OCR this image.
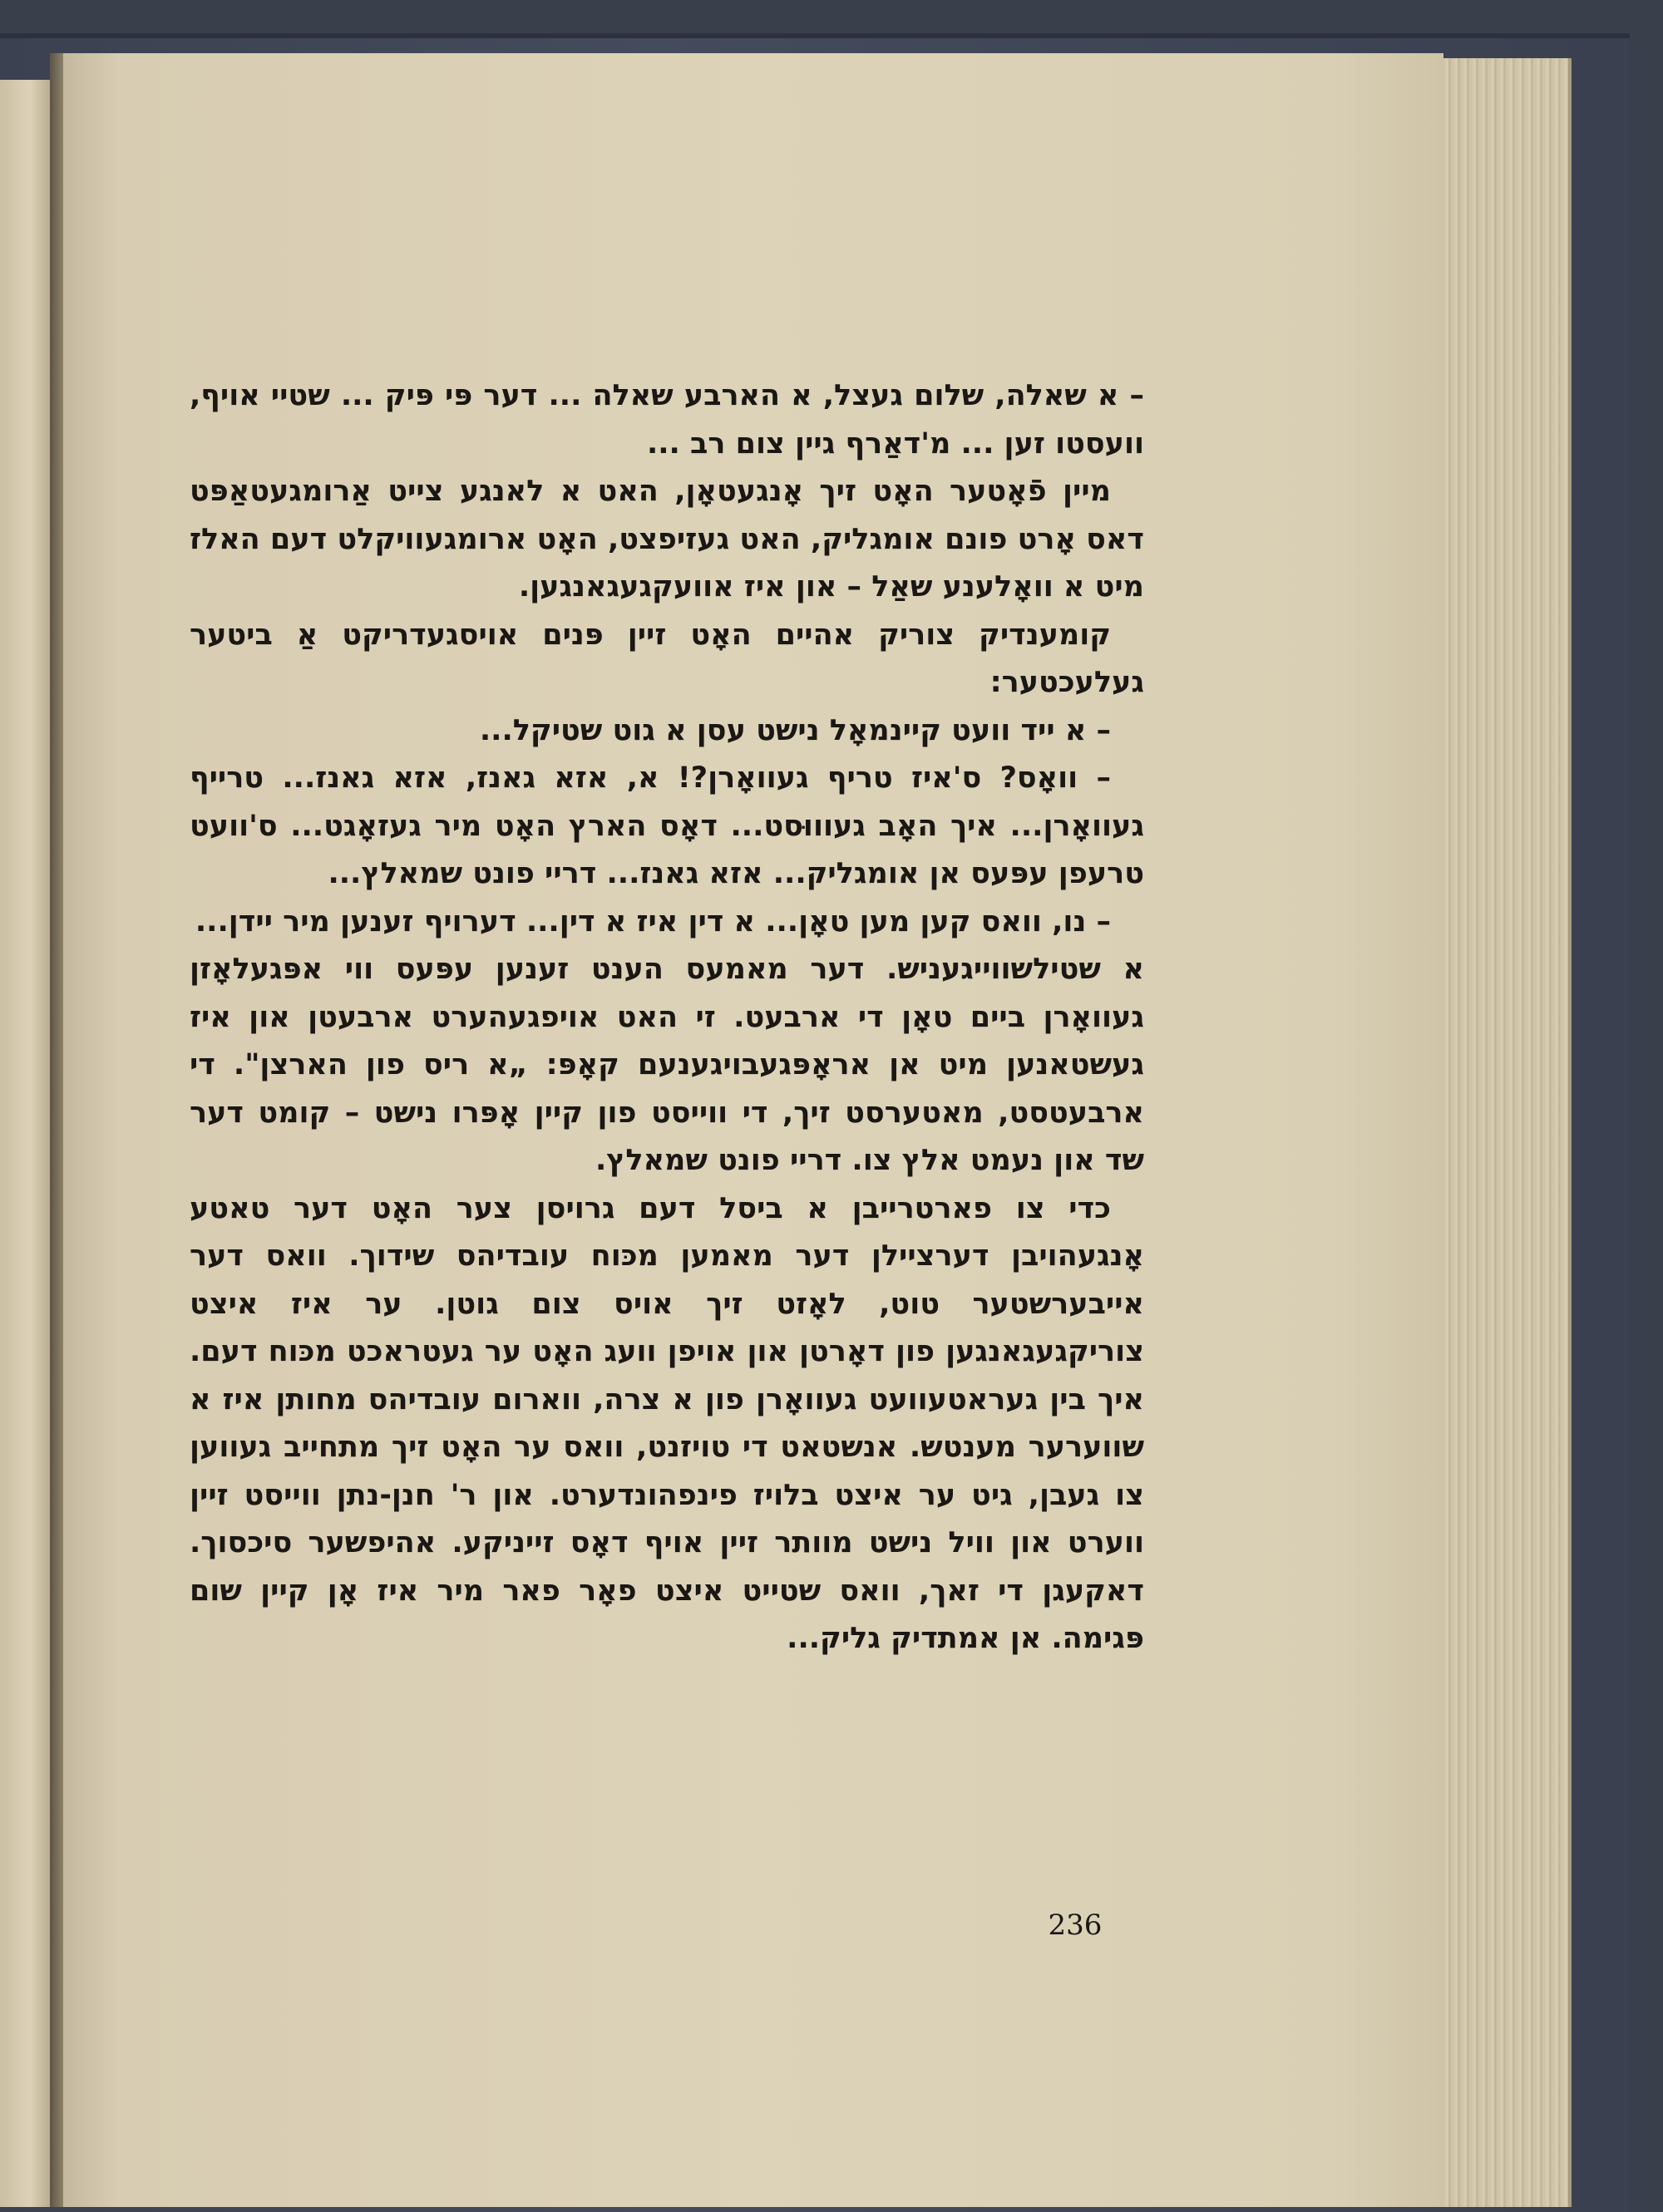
– א שאלה, שלום געצל, א הארבע שאלה ... דער פּי פּיק ... שטיי אויף, וועסטו זען ... מ'דאַרף גיין צום רב ...

מיין פֿאָטער האָט זיך אָנגעטאָן, האט א לאנגע צייט אַרומגעטאַפּט דאס אָרט פונם אומגליק, האט געזיפצט, האָט ארומגעוויקלט דעם האלז מיט א וואָלענע שאַל – און איז אוועקגעגאנגען.

קומענדיק צוריק אהיים האָט זיין פּנים אויסגעדריקט אַ ביטער געלעכטער:

– א ייד וועט קיינמאָל נישט עסן א גוט שטיקל...

– וואָס? ס'איז טריף געוואָרן?! א, אזא גאנז, אזא גאנז... טרייף געוואָרן... איך האָב געוווּסט... דאָס הארץ האָט מיר געזאָגט... ס'וועט טרעפן עפּעס אן אומגליק... אזא גאנז... דריי פונט שמאלץ...

– נו, וואס קען מען טאָן... א דין איז א דין... דערויף זענען מיר יידן...

א שטילשווייגעניש. דער מאמעס הענט זענען עפּעס ווי אפּגעלאָזן געוואָרן ביים טאָן די ארבעט. זי האט אויפגעהערט ארבעטן און איז געשטאנען מיט אן אראָפּגעבויגענעם קאָפּ: „א ריס פון הארצן". די ארבעטסט, מאטערסט זיך, די ווייסט פון קיין אָפּרו נישט – קומט דער שד און נעמט אלץ צו. דריי פונט שמאלץ.

כדי צו פארטרייבן א ביסל דעם גרויסן צער האָט דער טאטע אָנגעהויבן דערציילן דער מאמען מכּוח עובדיהס שידוך. וואס דער אייבערשטער טוט, לאָזט זיך אויס צום גוטן. ער איז איצט צוריקגעגאנגען פון דאָרטן און אויפן וועג האָט ער געטראכט מכּוח דעם. איך בין געראטעוועט געוואָרן פון א צרה, ווארום עובדיהס מחותן איז א שווערער מענטש. אנשטאט די טויזנט, וואס ער האָט זיך מתחייב געווען צו געבן, גיט ער איצט בלויז פינפהונדערט. און ר' חנן-נתן ווייסט זיין ווערט און וויל נישט מוותר זיין אויף דאָס זייניקע. אהיפשער סיכסוך. דאקעגן די זאך, וואס שטייט איצט פאָר פאר מיר איז אָן קיין שום פּגימה. אן אמתדיק גליק...

236
